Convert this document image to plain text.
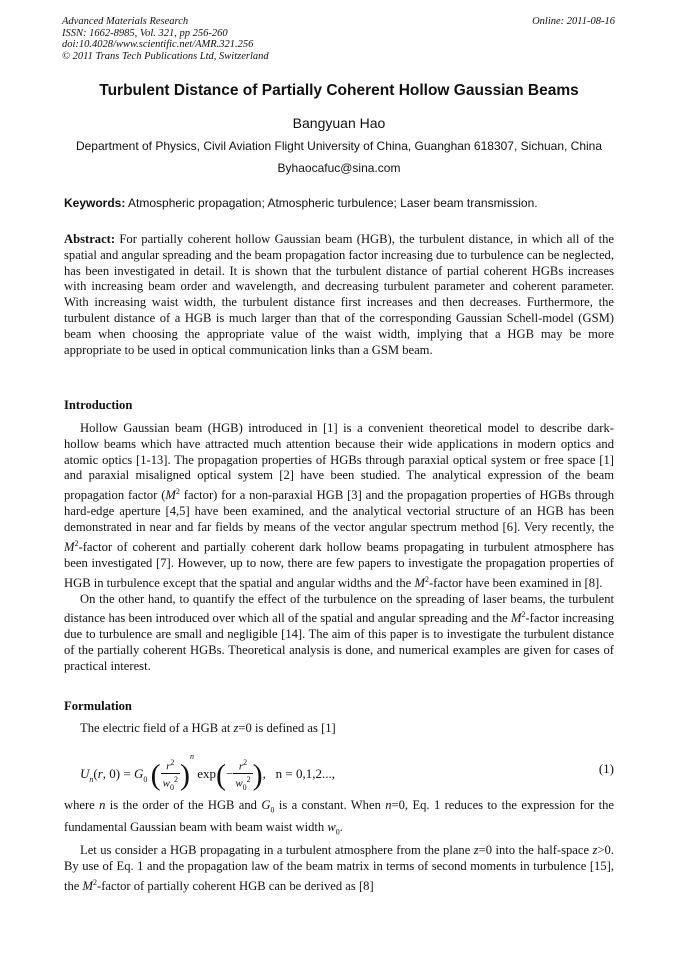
Advanced Materials Research
ISSN: 1662-8985, Vol. 321, pp 256-260
doi:10.4028/www.scientific.net/AMR.321.256
© 2011 Trans Tech Publications Ltd, Switzerland
Online: 2011-08-16
Turbulent Distance of Partially Coherent Hollow Gaussian Beams
Bangyuan Hao
Department of Physics, Civil Aviation Flight University of China, Guanghan 618307, Sichuan, China
Byhaocafuc@sina.com
Keywords: Atmospheric propagation; Atmospheric turbulence; Laser beam transmission.

Abstract: For partially coherent hollow Gaussian beam (HGB), the turbulent distance, in which all of the spatial and angular spreading and the beam propagation factor increasing due to turbulence can be neglected, has been investigated in detail. It is shown that the turbulent distance of partial coherent HGBs increases with increasing beam order and wavelength, and decreasing turbulent parameter and coherent parameter. With increasing waist width, the turbulent distance first increases and then decreases. Furthermore, the turbulent distance of a HGB is much larger than that of the corresponding Gaussian Schell-model (GSM) beam when choosing the appropriate value of the waist width, implying that a HGB may be more appropriate to be used in optical communication links than a GSM beam.

Introduction

Hollow Gaussian beam (HGB) introduced in [1] is a convenient theoretical model to describe dark-hollow beams which have attracted much attention because their wide applications in modern optics and atomic optics [1-13]. The propagation properties of HGBs through paraxial optical system or free space [1] and paraxial misaligned optical system [2] have been studied. The analytical expression of the beam propagation factor ($M^2$ factor) for a non-paraxial HGB [3] and the propagation properties of HGBs through hard-edge aperture [4,5] have been examined, and the analytical vectorial structure of an HGB has been demonstrated in near and far fields by means of the vector angular spectrum method [6]. Very recently, the $M^2$-factor of coherent and partially coherent dark hollow beams propagating in turbulent atmosphere has been investigated [7]. However, up to now, there are few papers to investigate the propagation properties of HGB in turbulence except that the spatial and angular widths and the $M^2$-factor have been examined in [8].

On the other hand, to quantify the effect of the turbulence on the spreading of laser beams, the turbulent distance has been introduced over which all of the spatial and angular spreading and the $M^2$-factor increasing due to turbulence are small and negligible [14]. The aim of this paper is to investigate the turbulent distance of the partially coherent HGBs. Theoretical analysis is done, and numerical examples are given for cases of practical interest.

Formulation

The electric field of a HGB at z=0 is defined as [1]

$U_n(r$, $0) = G_0$ ( $\frac{r^2}{w_0^2} )^n$ $\exp(- \frac{r^2}{w_0^2}$ ),   n = 0,1,2...,	(1)

where n is the order of the HGB and $G_0$ is a constant. When n=0, Eq. 1 reduces to the expression for the fundamental Gaussian beam with beam waist width $w_0$.

Let us consider a HGB propagating in a turbulent atmosphere from the plane z=0 into the half-space z>0. By use of Eq. 1 and the propagation law of the beam matrix in terms of second moments in turbulence [15], the $M^2$-factor of partially coherent HGB can be derived as [8]
